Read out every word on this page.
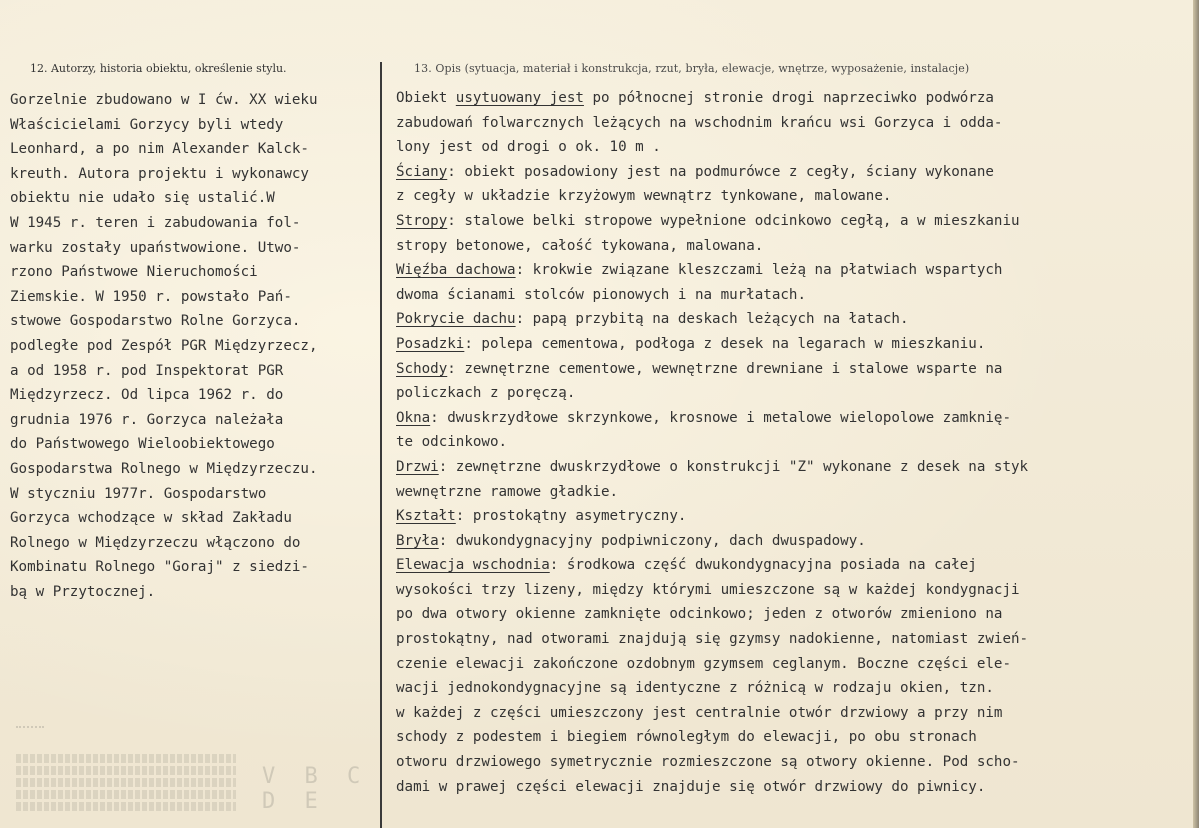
12. Autorzy, historia obiektu, określenie stylu.	13. Opis (sytuacja, materiał i konstrukcja, rzut, bryła, elewacje, wnętrze, wyposażenie, instalacje)
Gorzelnie zbudowano w I ćw. XX wieku
Właścicielami Gorzycy byli wtedy
Leonhard, a po nim Alexander Kalck-
kreuth. Autora projektu i wykonawcy
obiektu nie udało się ustalić.W
W 1945 r. teren i zabudowania fol-
warku zostały upaństwowione. Utwo-
rzono Państwowe Nieruchomości
Ziemskie. W 1950 r. powstało Pań-
stwowe Gospodarstwo Rolne Gorzyca.
podległe pod Zespół PGR Międzyrzecz,
a od 1958 r. pod Inspektorat PGR
Międzyrzecz. Od lipca 1962 r. do
grudnia 1976 r. Gorzyca należała
do Państwowego Wieloobiektowego
Gospodarstwa Rolnego w Międzyrzeczu.
W styczniu 1977r. Gospodarstwo
Gorzyca wchodzące w skład Zakładu
Rolnego w Międzyrzeczu włączono do
Kombinatu Rolnego "Goraj" z siedzi-
bą w Przytocznej.
Obiekt usytuowany jest po północnej stronie drogi naprzeciwko podwórza
zabudowań folwarcznych leżących na wschodnim krańcu wsi Gorzyca i odda-
lony jest od drogi o ok. 10 m .
Ściany: obiekt posadowiony jest na podmurówce z cegły, ściany wykonane
z cegły w układzie krzyżowym wewnątrz tynkowane, malowane.
Stropy: stalowe belki stropowe wypełnione odcinkowo cegłą, a w mieszkaniu
stropy betonowe, całość tykowana, malowana.
Więźba dachowa: krokwie związane kleszczami leżą na płatwiach wspartych
dwoma ścianami stolców pionowych i na murłatach.
Pokrycie dachu: papą przybitą na deskach leżących na łatach.
Posadzki: polepa cementowa, podłoga z desek na legarach w mieszkaniu.
Schody: zewnętrzne cementowe, wewnętrzne drewniane i stalowe wsparte na
policzkach z poręczą.
Okna: dwuskrzydłowe skrzynkowe, krosnowe i metalowe wielopolowe zamknię-
te odcinkowo.
Drzwi: zewnętrzne dwuskrzydłowe o konstrukcji "Z" wykonane z desek na styk
wewnętrzne ramowe gładkie.
Kształt: prostokątny asymetryczny.
Bryła: dwukondygnacyjny podpiwniczony, dach dwuspadowy.
Elewacja wschodnia: środkowa część dwukondygnacyjna posiada na całej
wysokości trzy lizeny, między którymi umieszczone są w każdej kondygnacji
po dwa otwory okienne zamknięte odcinkowo; jeden z otworów zmieniono na
prostokątny, nad otworami znajdują się gzymsy nadokienne, natomiast zwień-
czenie elewacji zakończone ozdobnym gzymsem ceglanym. Boczne części ele-
wacji jednokondygnacyjne są identyczne z różnicą w rodzaju okien, tzn.
w każdej z części umieszczony jest centralnie otwór drzwiowy a przy nim
schody z podestem i biegiem równoległym do elewacji, po obu stronach
otworu drzwiowego symetrycznie rozmieszczone są otwory okienne. Pod scho-
dami w prawej części elewacji znajduje się otwór drzwiowy do piwnicy.
V B C D E
